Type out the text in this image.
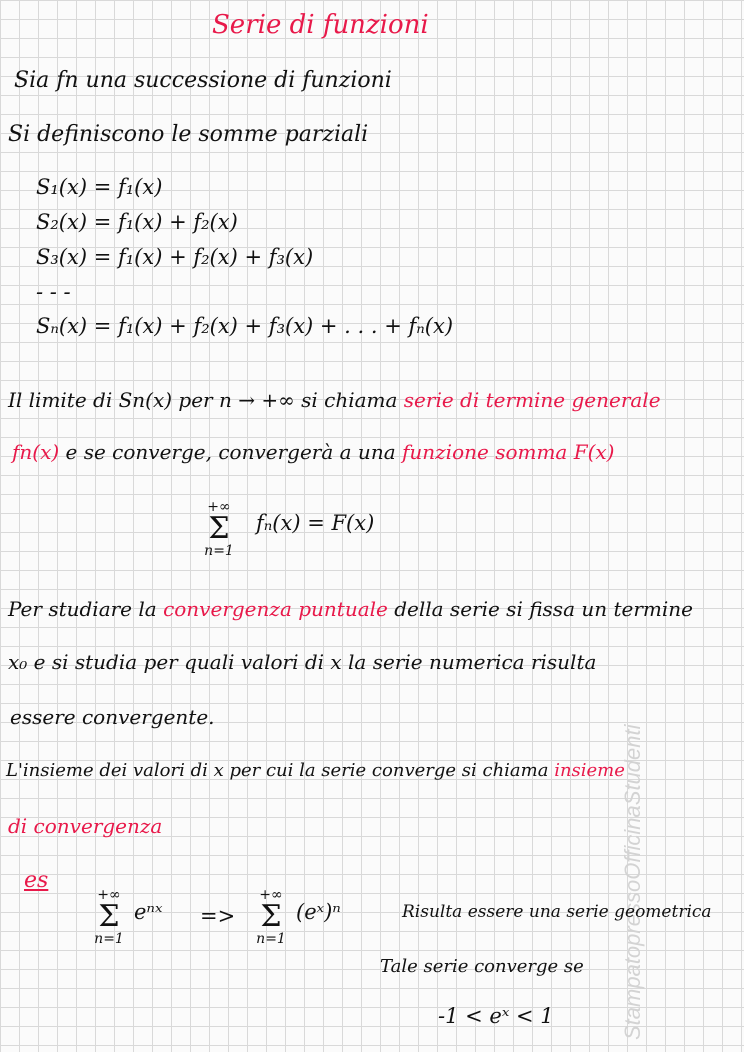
StampatopressoOfficinaStudenti
Serie di funzioni
Sia fn una successione di funzioni
Si definiscono le somme parziali
S₁(x) = f₁(x)
S₂(x) = f₁(x) + f₂(x)
S₃(x) = f₁(x) + f₂(x) + f₃(x)
- - -
Sₙ(x) = f₁(x) + f₂(x) + f₃(x) + . . . + fₙ(x)
Il limite di Sn(x) per n → +∞ si chiama serie di termine generale
fn(x) e se converge, convergerà a una funzione somma F(x)
+∞
Σ
n=1
fₙ(x) = F(x)
Per studiare la convergenza puntuale della serie si fissa un termine
x₀ e si studia per quali valori di x la serie numerica risulta
essere convergente.
L'insieme dei valori di x per cui la serie converge si chiama insieme
di convergenza
es
+∞
Σ
n=1
eⁿˣ =>
+∞
Σ
n=1
(eˣ)ⁿ	Risulta essere una serie geometrica
Tale serie converge se
-1 < eˣ < 1
